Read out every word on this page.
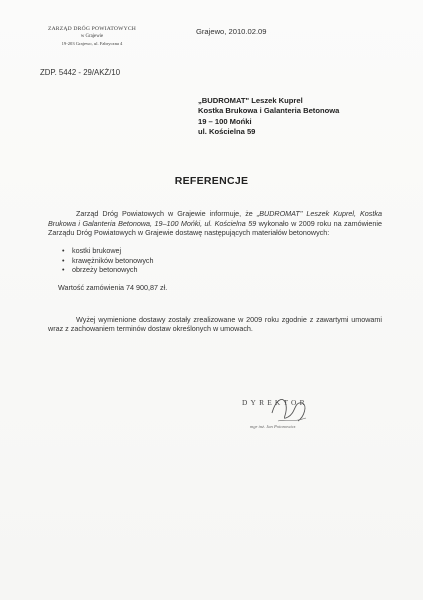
ZARZĄD DRÓG POWIATOWYCH
w Grajewie
19-203 Grajewo, ul. Fabryczna 4
Grajewo, 2010.02.09
ZDP. 5442 - 29/AKŻ/10
„BUDROMAT" Leszek Kuprel
Kostka Brukowa i Galanteria Betonowa
19 – 100 Mońki
ul. Kościelna 59
REFERENCJE

Zarząd Dróg Powiatowych w Grajewie informuje, że „BUDROMAT" Leszek Kuprel, Kostka Brukowa i Galanteria Betonowa, 19–100 Mońki, ul. Kościelna 59 wykonało w 2009 roku na zamówienie Zarządu Dróg Powiatowych w Grajewie dostawę następujących materiałów betonowych:

• kostki brukowej
• krawężników betonowych
• obrzeży betonowych

Wartość zamówienia 74 900,87 zł.

Wyżej wymienione dostawy zostały zrealizowane w 2009 roku zgodnie z zawartymi umowami wraz z zachowaniem terminów dostaw określonych w umowach.

DYREKTOR
mgr inż. Jan Potonowicz
